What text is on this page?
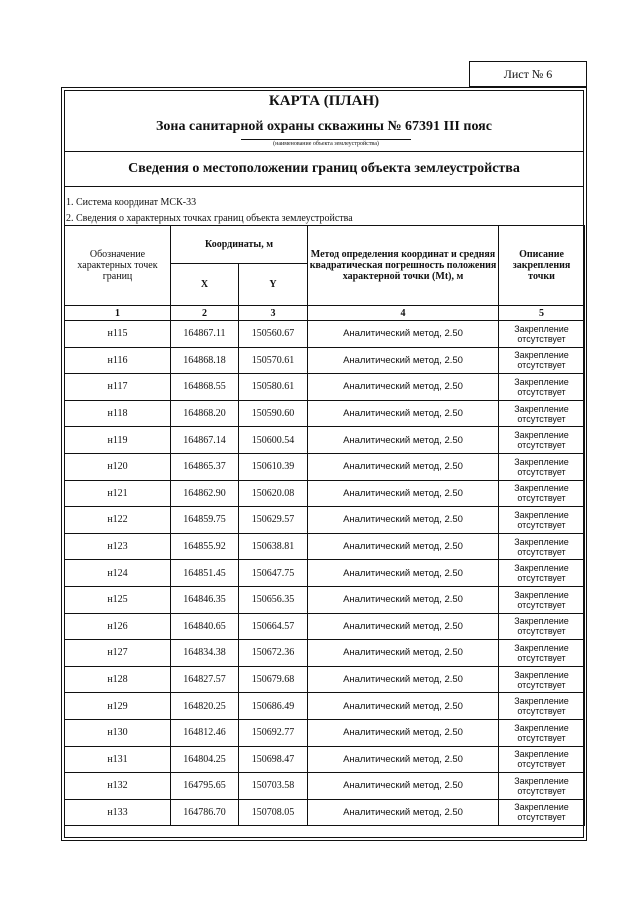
Лист № 6
КАРТА (ПЛАН)
Зона санитарной охраны скважины № 67391 III пояс
(наименование объекта землеустройства)
Сведения о местоположении границ объекта землеустройства
1. Система координат МСК-33
2. Сведения о характерных точках границ объекта землеустройства
Обозначение характерных точек границ	Координаты, м		Метод определения координат и средняя квадратическая погрешность положения характерной точки (Mt), м	Описание закрепления точки
	X	Y		
1	2	3	4	5
н115	164867.11	150560.67	Аналитический метод, 2.50	Закрепление отсутствует
н116	164868.18	150570.61	Аналитический метод, 2.50	Закрепление отсутствует
н117	164868.55	150580.61	Аналитический метод, 2.50	Закрепление отсутствует
н118	164868.20	150590.60	Аналитический метод, 2.50	Закрепление отсутствует
н119	164867.14	150600.54	Аналитический метод, 2.50	Закрепление отсутствует
н120	164865.37	150610.39	Аналитический метод, 2.50	Закрепление отсутствует
н121	164862.90	150620.08	Аналитический метод, 2.50	Закрепление отсутствует
н122	164859.75	150629.57	Аналитический метод, 2.50	Закрепление отсутствует
н123	164855.92	150638.81	Аналитический метод, 2.50	Закрепление отсутствует
н124	164851.45	150647.75	Аналитический метод, 2.50	Закрепление отсутствует
н125	164846.35	150656.35	Аналитический метод, 2.50	Закрепление отсутствует
н126	164840.65	150664.57	Аналитический метод, 2.50	Закрепление отсутствует
н127	164834.38	150672.36	Аналитический метод, 2.50	Закрепление отсутствует
н128	164827.57	150679.68	Аналитический метод, 2.50	Закрепление отсутствует
н129	164820.25	150686.49	Аналитический метод, 2.50	Закрепление отсутствует
н130	164812.46	150692.77	Аналитический метод, 2.50	Закрепление отсутствует
н131	164804.25	150698.47	Аналитический метод, 2.50	Закрепление отсутствует
н132	164795.65	150703.58	Аналитический метод, 2.50	Закрепление отсутствует
н133	164786.70	150708.05	Аналитический метод, 2.50	Закрепление отсутствует
